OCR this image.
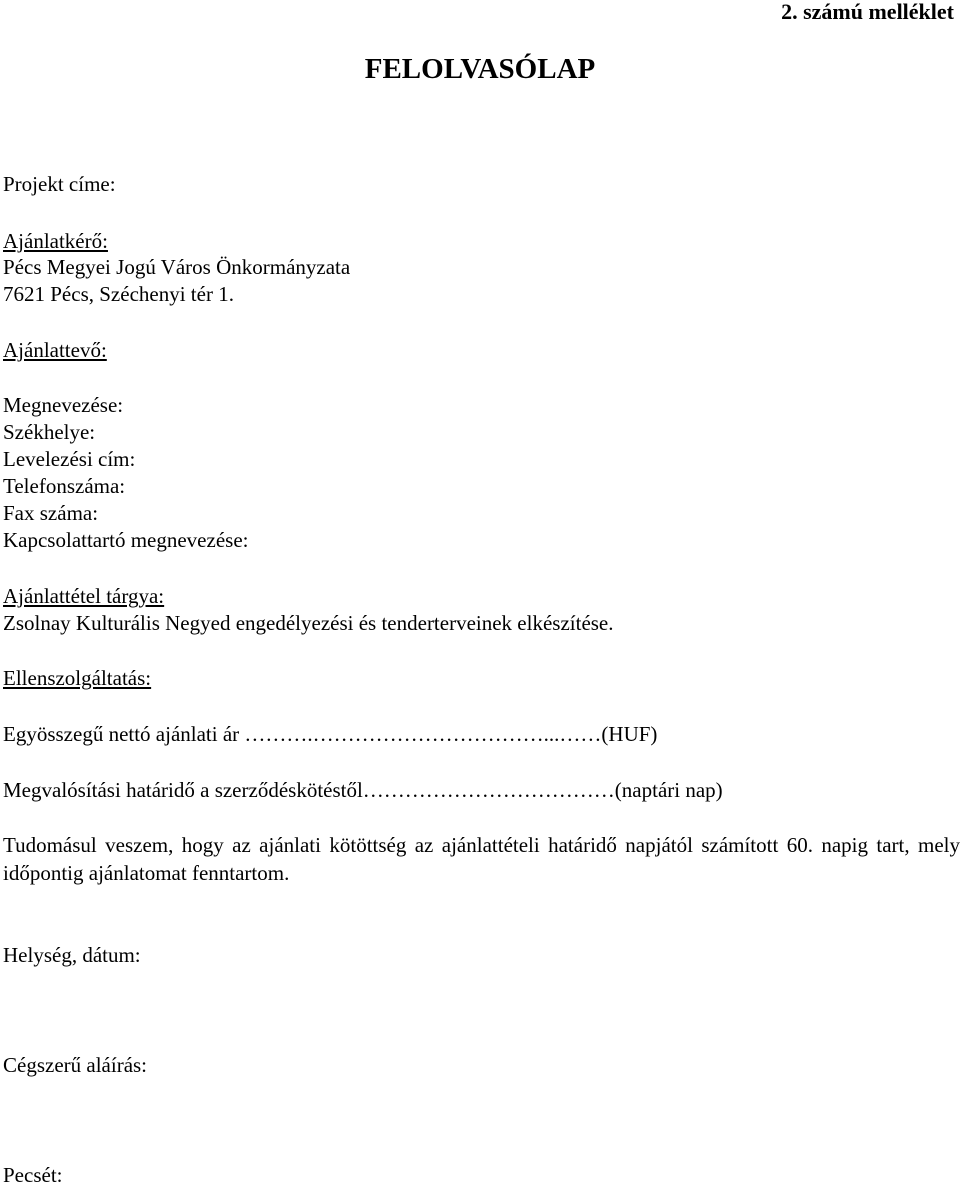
2. számú melléklet
FELOLVASÓLAP
Projekt címe:
Ajánlatkérő:
Pécs Megyei Jogú Város Önkormányzata
7621 Pécs, Széchenyi tér 1.
Ajánlattevő:
Megnevezése:
Székhelye:
Levelezési cím:
Telefonszáma:
Fax száma:
Kapcsolattartó megnevezése:
Ajánlattétel tárgya:
Zsolnay Kulturális Negyed engedélyezési és tenderterveinek elkészítése.
Ellenszolgáltatás:
Egyösszegű nettó ajánlati ár ……….……………………………...……(HUF)
Megvalósítási határidő a szerződéskötéstől………………………………(naptári nap)
Tudomásul veszem, hogy az ajánlati kötöttség az ajánlattételi határidő napjától számított 60. napig tart, mely időpontig ajánlatomat fenntartom.
Helység, dátum:
Cégszerű aláírás:
Pecsét:
